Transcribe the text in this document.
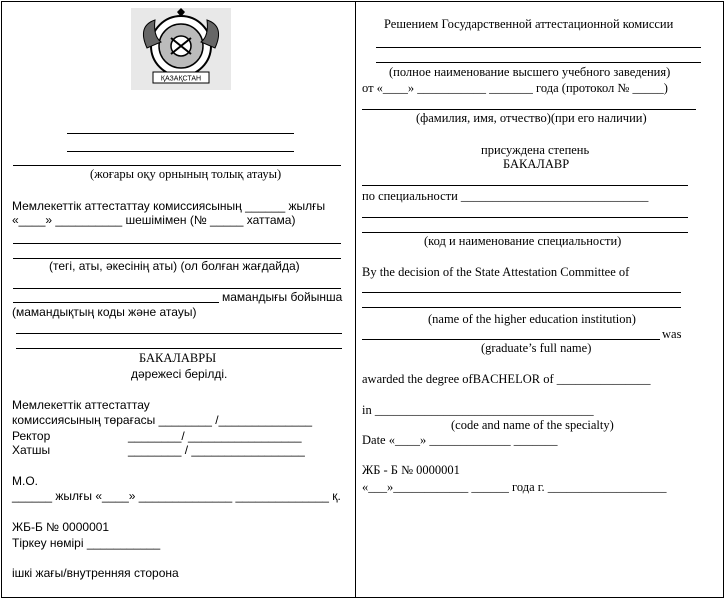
ҚАЗАҚСТАН
(жоғары оқу орнының толық атауы)
Мемлекеттік аттестаттау комиссиясының ______ жылғы
«____» __________ шешімімен (№ _____ хаттама)
(тегі, аты, әкесінің аты) (ол болған жағдайда)
мамандығы бойынша
(мамандықтың коды және атауы)
БАКАЛАВРЫ
дәрежесі берілді.
Мемлекеттік аттестаттау
комиссиясының төрағасы ________ /______________
Ректор	________/ _________________
Хатшы	________ / _________________
М.О.
______ жылғы «____» ______________ ______________ қ.
ЖБ-Б № 0000001
Тіркеу нөмірі ___________
ішкі жағы/внутренняя сторона
Решением Государственной аттестационной комиссии
(полное наименование высшего учебного заведения)
от «____» ___________ _______ года (протокол № _____)
(фамилия, имя, отчество)(при его наличии)
присуждена степень
БАКАЛАВР
по специальности ______________________________
(код и наименование специальности)
By the decision of the State Attestation Committee of
(name of the higher education institution)
was
(graduate’s full name)
awarded the degree ofBACHELOR of _______________
in ___________________________________
(code and name of the specialty)
Date «____» _____________ _______
ЖБ - Б № 0000001
«___»____________ ______ года г. ___________________
